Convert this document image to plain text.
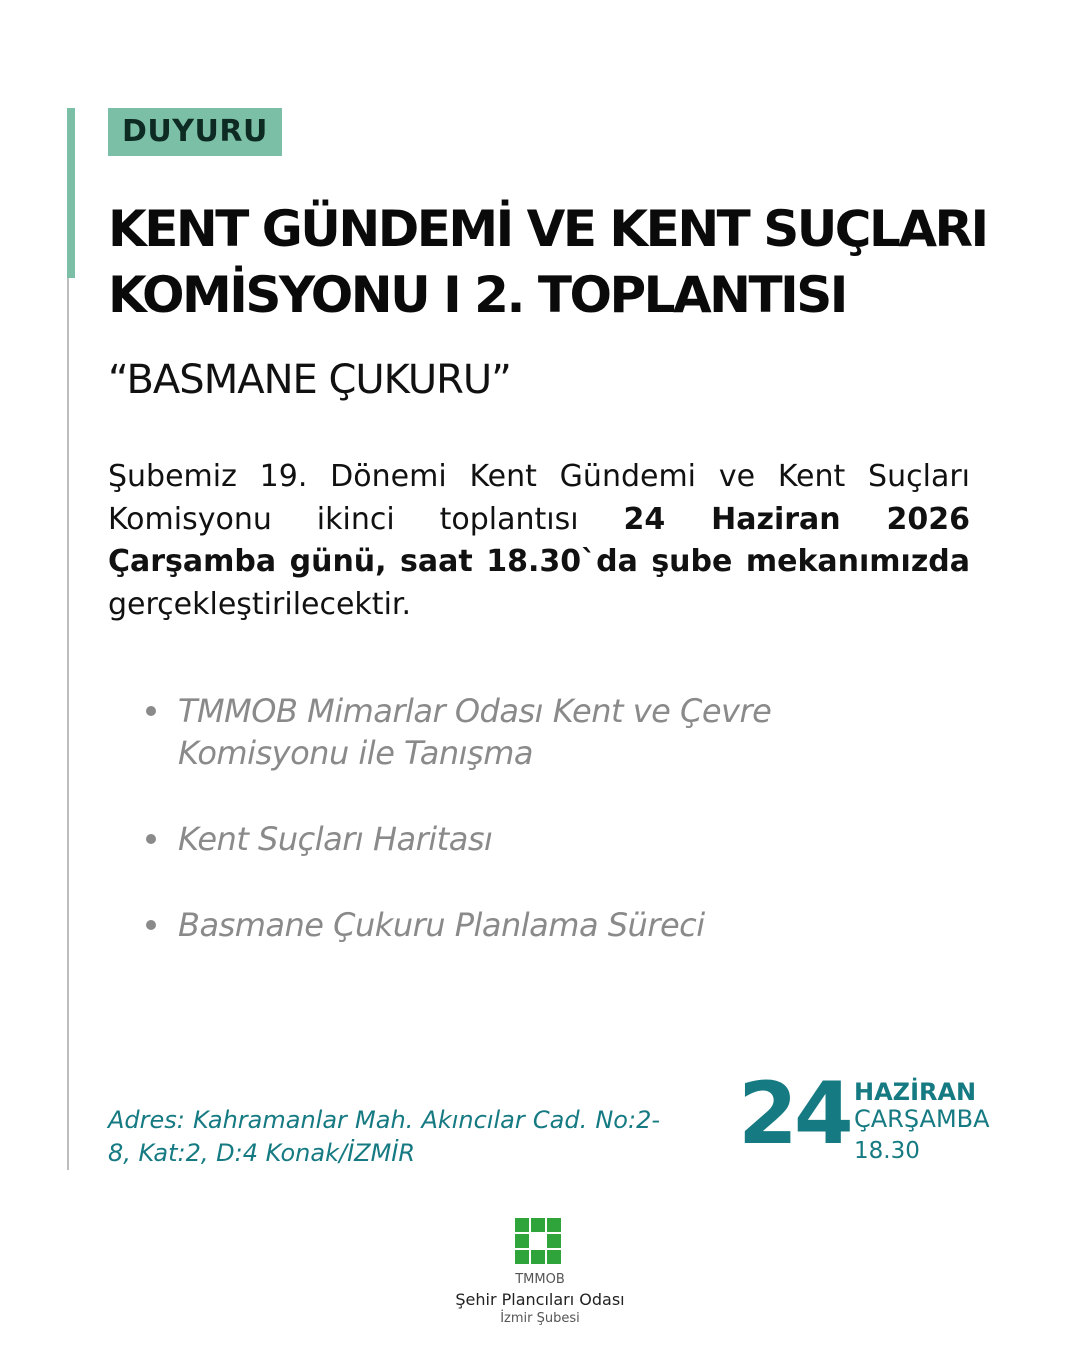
DUYURU
KENT GÜNDEMİ VE KENT SUÇLARI
KOMİSYONU I 2. TOPLANTISI
“BASMANE ÇUKURU”

Şubemiz 19. Dönemi Kent Gündemi ve Kent Suçları Komisyonu ikinci toplantısı 24 Haziran 2026 Çarşamba günü, saat 18.30`da şube mekanımızda gerçekleştirilecektir.

TMMOB Mimarlar Odası Kent ve Çevre Komisyonu ile Tanışma
Kent Suçları Haritası
Basmane Çukuru Planlama Süreci

Adres: Kahramanlar Mah. Akıncılar Cad. No:2-8, Kat:2, D:4 Konak/İZMİR	24 HAZİRAN
ÇARŞAMBA
18.30
TMMOB
Şehir Plancıları Odası
İzmir Şubesi
